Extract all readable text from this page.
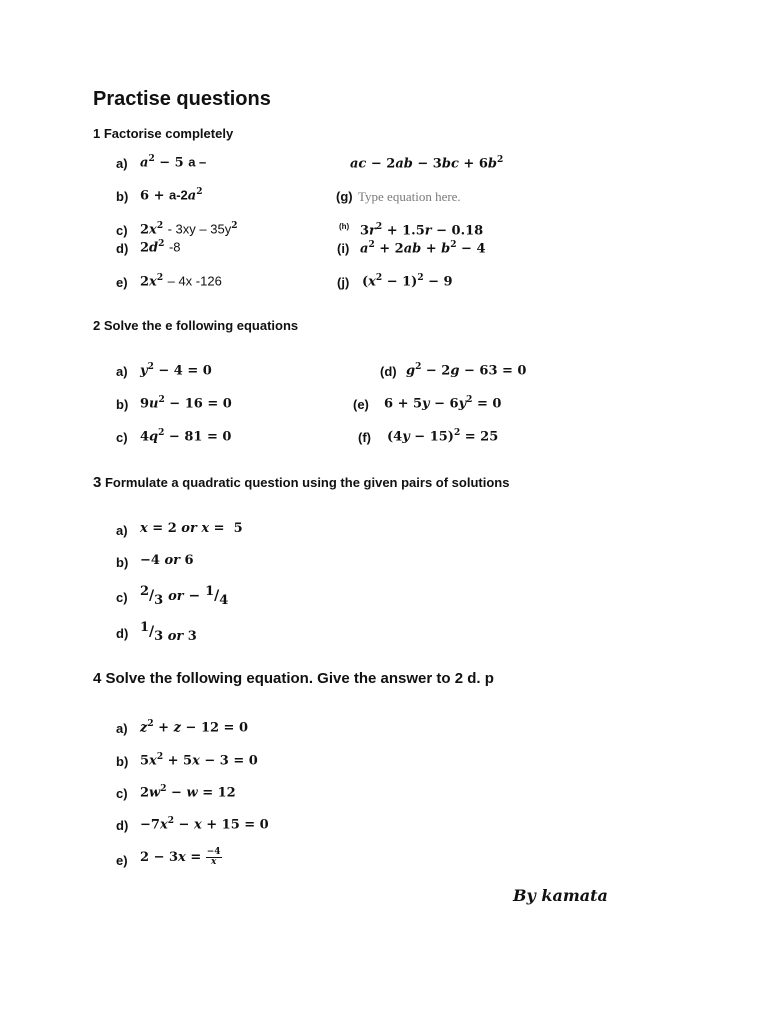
Practise questions
1 Factorise completely
a) $a^2 - 5$ a –	ac − $2ab - 3bc + 6b^2$
b) $6 + a-2a^2$	(g) Type equation here.
c) $2x^2 - 3xy - 35y^2$	(h) $3r^2 + 1.5r - 0.18$
d) $2d^2$ -8	(i) $a^2 + 2ab + b^2 - 4$
e) $2x^2 - 4x$ -126	(j) $(x^2 - 1)^2 - 9$
2 Solve the e following equations
a) $y^2 - 4 = 0$	(d) $g^2 - 2g - 63 = 0$
b) $9u^2 - 16 = 0$	(e) $6 + 5y - 6y^2 = 0$
c) $4q^2 - 81 = 0$	(f) $(4y - 15)^2 = 25$
3 Formulate a quadratic question using the given pairs of solutions
a) x = 2 or x =  5
b) −4 or 6
c) $^2/_3$ or − $^1/_4$
d) $^1/_{3 or 3}$
4 Solve the following equation. Give the answer to 2 d. p
a) $z^2 + z - 12 = 0$
b) $5x^2 + 5x - 3 = 0$
c) $2w^2 - w = 12$
$d) -7x^2 - x + 15 = 0$
e) $2 - 3x = \frac{-4}{x}$
By kamata
